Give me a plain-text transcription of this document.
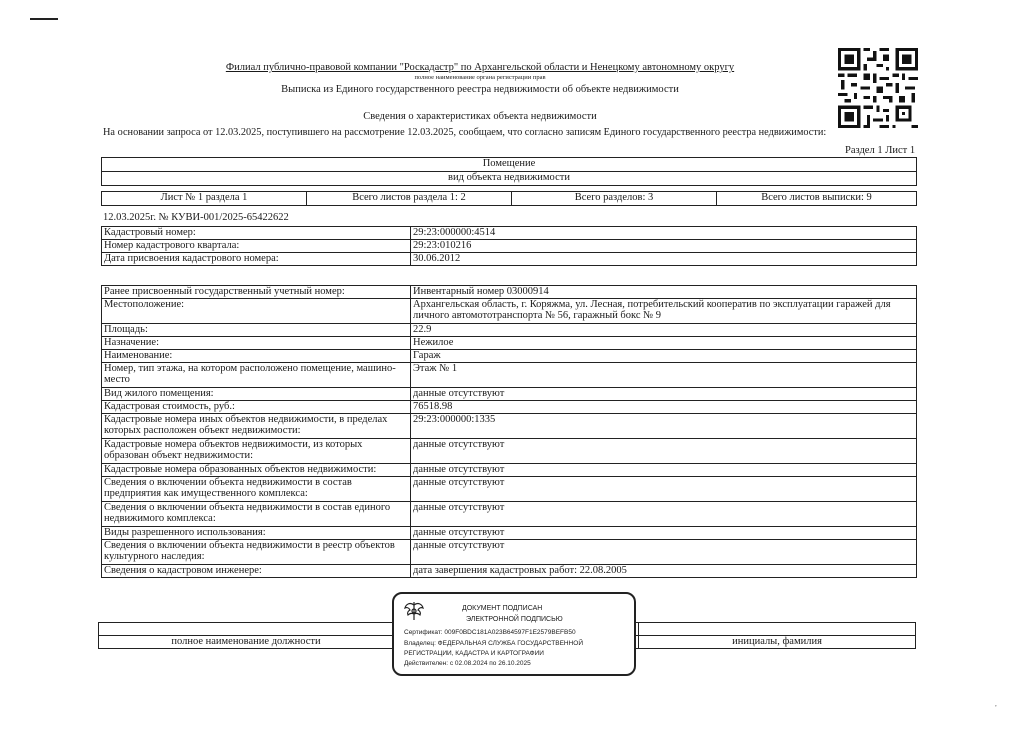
Филиал публично-правовой компании "Роскадастр" по Архангельской области и Ненецкому автономному округу
полное наименование органа регистрации прав
Выписка из Единого государственного реестра недвижимости об объекте недвижимости
Сведения о характеристиках объекта недвижимости
На основании запроса от 12.03.2025, поступившего на рассмотрение 12.03.2025, сообщаем, что согласно записям Единого государственного реестра недвижимости:
Раздел 1 Лист 1
Помещение
вид объекта недвижимости
Лист № 1 раздела 1	Всего листов раздела 1: 2	Всего разделов: 3	Всего листов выписки: 9
12.03.2025г. № КУВИ-001/2025-65422622
Кадастровый номер:	29:23:000000:4514
Номер кадастрового квартала:	29:23:010216
Дата присвоения кадастрового номера:	30.06.2012
Ранее присвоенный государственный учетный номер:	Инвентарный номер 03000914
Местоположение:	Архангельская область, г. Коряжма, ул. Лесная, потребительский кооператив по эксплуатации гаражей для личного автомототранспорта № 56, гаражный бокс № 9
Площадь:	22.9
Назначение:	Нежилое
Наименование:	Гараж
Номер, тип этажа, на котором расположено помещение, машино-место	Этаж № 1
Вид жилого помещения:	данные отсутствуют
Кадастровая стоимость, руб.:	76518.98
Кадастровые номера иных объектов недвижимости, в пределах которых расположен объект недвижимости:	29:23:000000:1335
Кадастровые номера объектов недвижимости, из которых образован объект недвижимости:	данные отсутствуют
Кадастровые номера образованных объектов недвижимости:	данные отсутствуют
Сведения о включении объекта недвижимости в состав предприятия как имущественного комплекса:	данные отсутствуют
Сведения о включении объекта недвижимости в состав единого недвижимого комплекса:	данные отсутствуют
Виды разрешенного использования:	данные отсутствуют
Сведения о включении объекта недвижимости в реестр объектов культурного наследия:	данные отсутствуют
Сведения о кадастровом инженере:	дата завершения кадастровых работ: 22.08.2005

полное наименование должности		инициалы, фамилия
ДОКУМЕНТ ПОДПИСАН
ЭЛЕКТРОННОЙ ПОДПИСЬЮ
Сертификат: 009F0BDC181A023B64597F1E2579BEFB50
Владелец: ФЕДЕРАЛЬНАЯ СЛУЖБА ГОСУДАРСТВЕННОЙ
РЕГИСТРАЦИИ, КАДАСТРА И КАРТОГРАФИИ
Действителен: с 02.08.2024 по 26.10.2025
,
